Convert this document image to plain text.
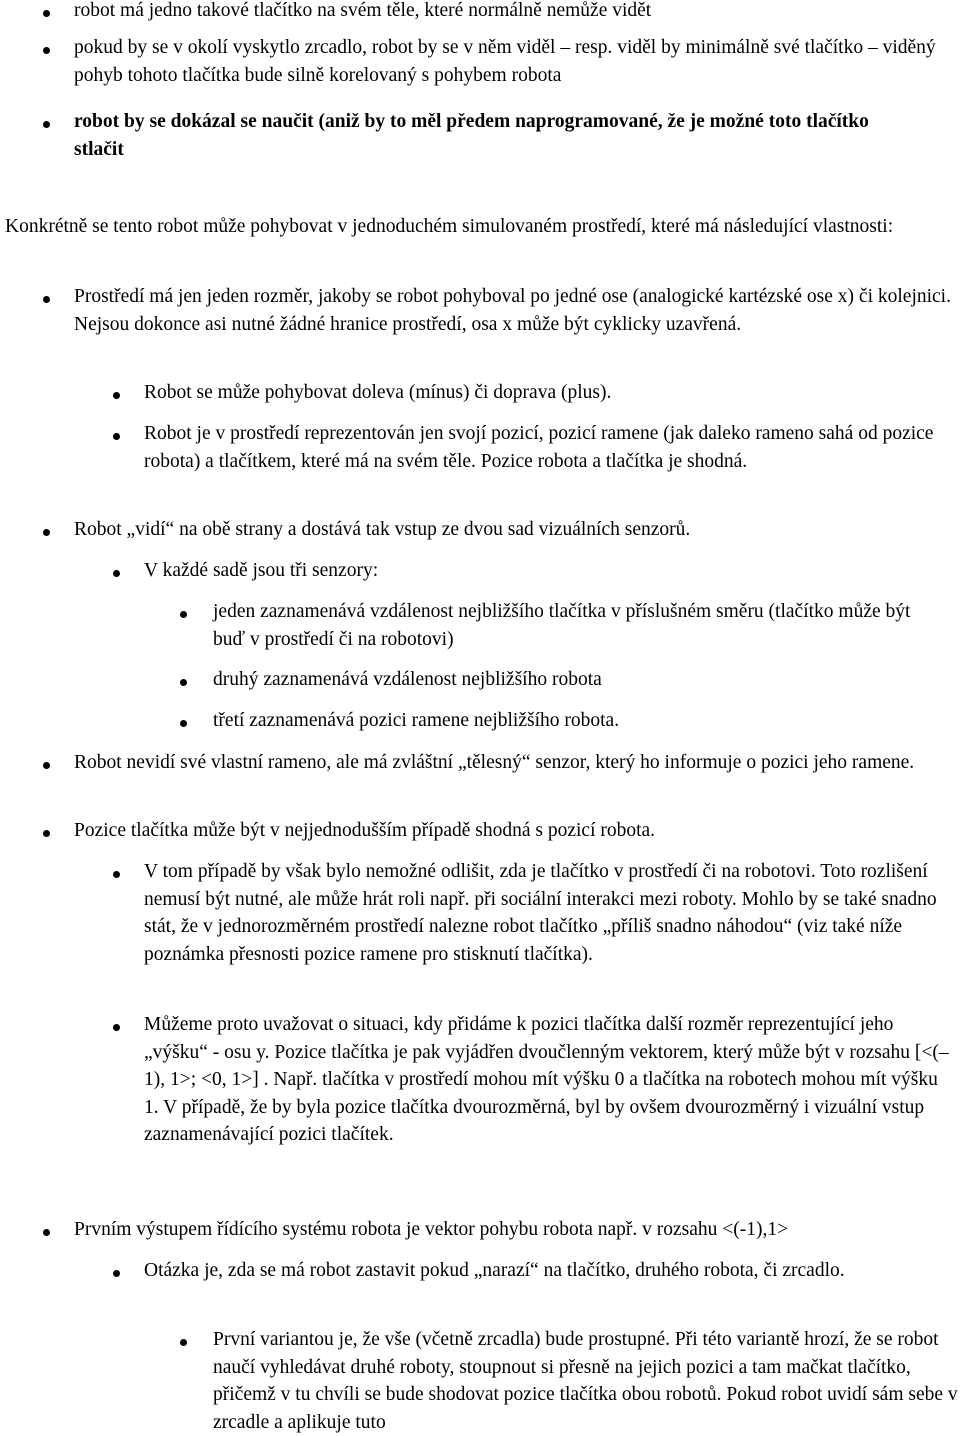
robot má jedno takové tlačítko na svém těle, které normálně nemůže vidět
pokud by se v okolí vyskytlo zrcadlo, robot by se v něm viděl – resp. viděl by minimálně své tlačítko – viděný pohyb tohoto tlačítka bude silně korelovaný s pohybem robota
robot by se dokázal se naučit (aniž by to měl předem naprogramované, že je možné toto tlačítko stlačit
Konkrétně se tento robot může pohybovat v jednoduchém simulovaném prostředí, které má následující vlastnosti:
Prostředí má jen jeden rozměr, jakoby se robot pohyboval po jedné ose (analogické kartézské ose x) či kolejnici. Nejsou dokonce asi nutné žádné hranice prostředí, osa x může být cyklicky uzavřená.
Robot se může pohybovat doleva (mínus) či doprava (plus).
Robot je v prostředí reprezentován jen svojí pozicí, pozicí ramene (jak daleko rameno sahá od pozice robota) a tlačítkem, které má na svém těle. Pozice robota a tlačítka je shodná.
Robot „vidí“ na obě strany a dostává tak vstup ze dvou sad vizuálních senzorů.
V každé sadě jsou tři senzory:
jeden zaznamenává vzdálenost nejbližšího tlačítka v příslušném směru (tlačítko může být buď v prostředí či na robotovi)
druhý zaznamenává vzdálenost nejbližšího robota
třetí zaznamenává pozici ramene nejbližšího robota.
Robot nevidí své vlastní rameno, ale má zvláštní „tělesný“ senzor, který ho informuje o pozici jeho ramene.
Pozice tlačítka může být v nejjednodušším případě shodná s pozicí robota.
V tom případě by však bylo nemožné odlišit, zda je tlačítko v prostředí či na robotovi. Toto rozlišení nemusí být nutné, ale může hrát roli např. při sociální interakci mezi roboty. Mohlo by se také snadno stát, že v jednorozměrném prostředí nalezne robot tlačítko „příliš snadno náhodou“ (viz také níže poznámka přesnosti pozice ramene pro stisknutí tlačítka).
Můžeme proto uvažovat o situaci, kdy přidáme k pozici tlačítka další rozměr reprezentující jeho „výšku“ - osu y. Pozice tlačítka je pak vyjádřen dvoučlenným vektorem, který může být v rozsahu [<(– 1), 1>; <0, 1>] . Např. tlačítka v prostředí mohou mít výšku 0 a tlačítka na robotech mohou mít výšku 1. V případě, že by byla pozice tlačítka dvourozměrná, byl by ovšem dvourozměrný i vizuální vstup zaznamenávající pozici tlačítek.
Prvním výstupem řídícího systému robota je vektor pohybu robota např. v rozsahu <(-1),1>
Otázka je, zda se má robot zastavit pokud „narazí“ na tlačítko, druhého robota, či zrcadlo.
První variantou je, že vše (včetně zrcadla) bude prostupné. Při této variantě hrozí, že se robot naučí vyhledávat druhé roboty, stoupnout si přesně na jejich pozici a tam mačkat tlačítko, přičemž v tu chvíli se bude shodovat pozice tlačítka obou robotů. Pokud robot uvidí sám sebe v zrcadle a aplikuje tuto
